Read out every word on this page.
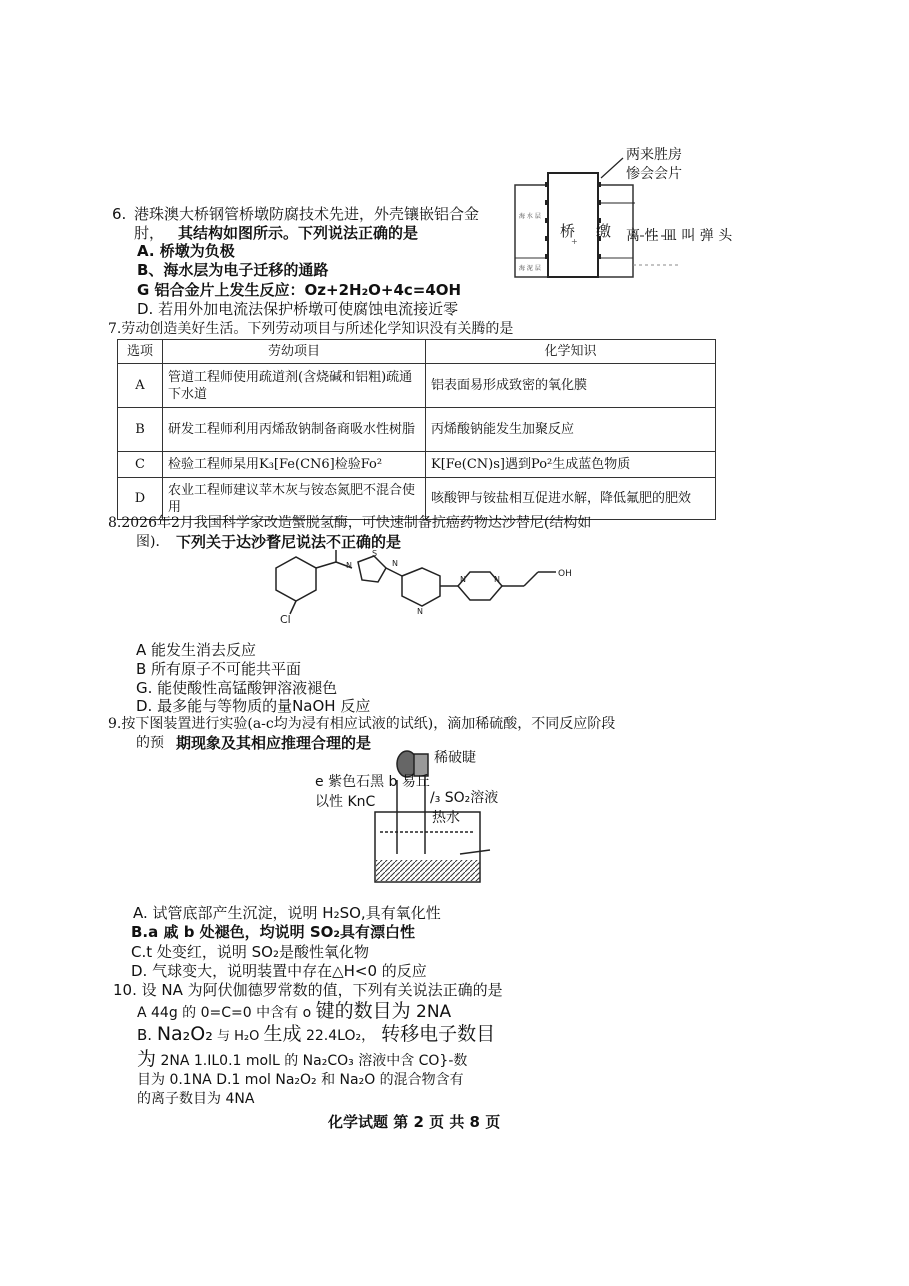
6. 港珠澳大桥钢管桥墩防腐技术先进，外壳镶嵌铝合金
肘， 其结构如图所示。下列说法正确的是
A. 桥墩为负极
B、海水层为电子迁移的通路
G 铝合金片上发生反应：Oz+2H₂O+4c=4OH
D. 若用外加电流法保护桥墩可使腐蚀电流接近零
海 水 层
海 泥 层
+
桥 缴
两来胜房
惨会会片
离 性 皿 叫 弹 头
7.劳动创造美好生活。下列劳动项目与所述化学知识没有关腾的是
选项	劳幼项目	化学知识
A	管道工程师使用疏道剂(含烧碱和铝粗)疏通下水道	铝表面易形成致密的氧化膜
B	研发工程师利用丙烯敌钠制备商吸水性树脂	丙烯酸钠能发生加聚反应
C	检验工程师杲用K₃[Fe(CN6]检验Fo²	K[Fe(CN)s]遇到Po²生成蓝色物质
D	农业工程师建议苹木灰与铵态氮肥不混合使用	咳酸钾与铵盐相互促进水解，降低氟肥的肥效
8.2026年2月我国科学家改造蟹脱氢酶，可快速制备抗癌药物达沙替尼(结构如
图)． 下列关于达沙瞀尼说法不正确的是
Cl
OH
N
S
N
N
N	N
A 能发生消去反应
B 所有原子不可能共平面
G. 能使酸性高锰酸钾溶液褪色
D. 最多能与等物质的量NaOH 反应
9.按下图装置进行实验(a-c均为浸有相应试液的试纸)，滴加稀硫酸，不同反应阶段
的预 期现象及其相应推理合理的是
稀破睫
e 紫色石黑 b 易丘
以性 KnC	/₃ SO₂溶液
热水
A. 试管底部产生沉淀，说明 H₂SO,具有氧化性
B.a 戚 b 处褪色，均说明 SO₂具有漂白性
C.t 处变红，说明 SO₂是酸性氧化物
D. 气球变大，说明装置中存在△H<0 的反应
10. 设 NA 为阿伏伽德罗常数的值，下列有关说法正确的是
A 44g 的 0=C=0 中含有 o 键的数目为 2NA
B. Na₂O₂ 与 H₂O 生成 22.4LO₂， 转移电子数目
为 2NA 1.IL0.1 molL 的 Na₂CO₃ 溶液中含 CO}-数
目为 0.1NA D.1 mol Na₂O₂ 和 Na₂O 的混合物含有
的离子数目为 4NA
化学试题 第 2 页 共 8 页
